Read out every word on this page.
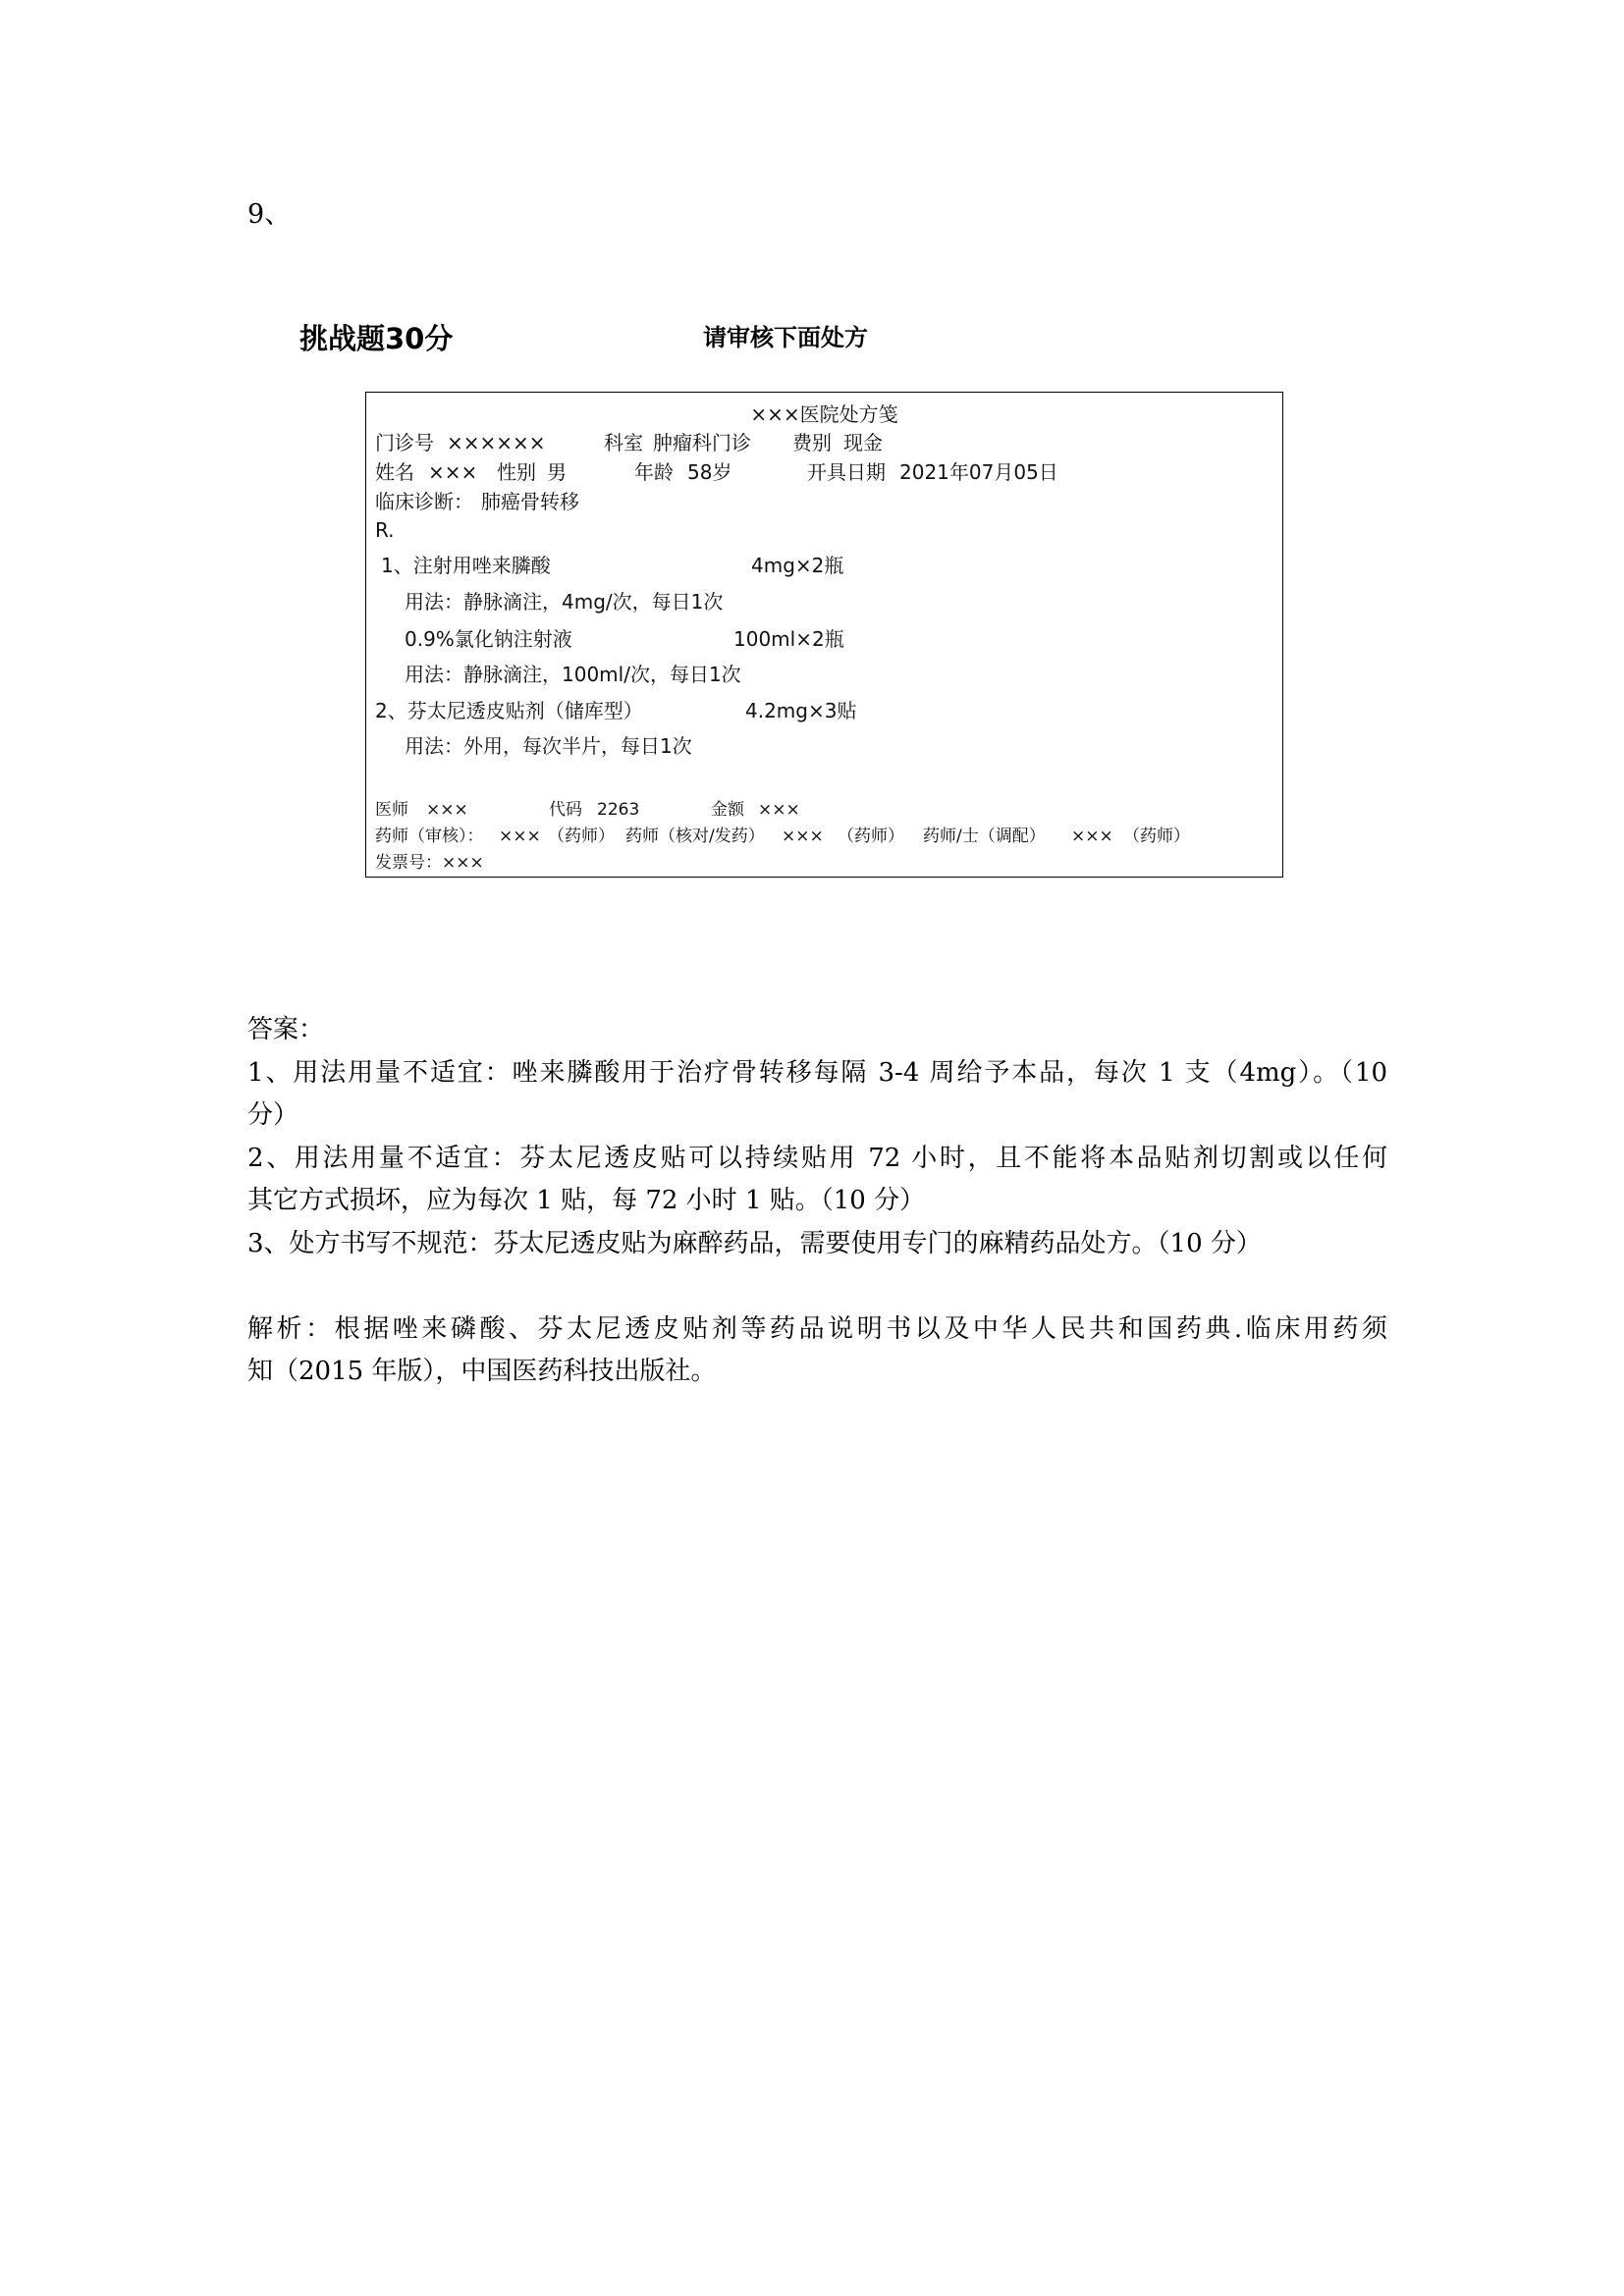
9、
挑战题30分	请审核下面处方
×××医院处方笺
门诊号 ××××××	科室 肿瘤科门诊 费别 现金
姓名 ××× 性别 男	年龄 58岁	开具日期 2021年07月05日
临床诊断： 肺癌骨转移
R.
1、注射用唑来膦酸	4mg×2瓶
用法：静脉滴注，4mg/次，每日1次
0.9%氯化钠注射液	100ml×2瓶
用法：静脉滴注，100ml/次，每日1次
2、芬太尼透皮贴剂（储库型）	4.2mg×3贴
用法：外用，每次半片，每日1次
医师 ×××	代码 2263	金额 ×××
药师（审核）： ××× （药师） 药师（核对/发药） ××× （药师） 药师/士（调配） ××× （药师）
发票号： ×××
答案：
1、用法用量不适宜：唑来膦酸用于治疗骨转移每隔 3-4 周给予本品，每次 1 支（4mg）。（10
分）
2、用法用量不适宜：芬太尼透皮贴可以持续贴用 72 小时，且不能将本品贴剂切割或以任何
其它方式损坏，应为每次 1 贴，每 72 小时 1 贴。（10 分）
3、处方书写不规范：芬太尼透皮贴为麻醉药品，需要使用专门的麻精药品处方。（10 分）
解析：根据唑来磷酸、芬太尼透皮贴剂等药品说明书以及中华人民共和国药典.临床用药须
知（2015 年版），中国医药科技出版社。
